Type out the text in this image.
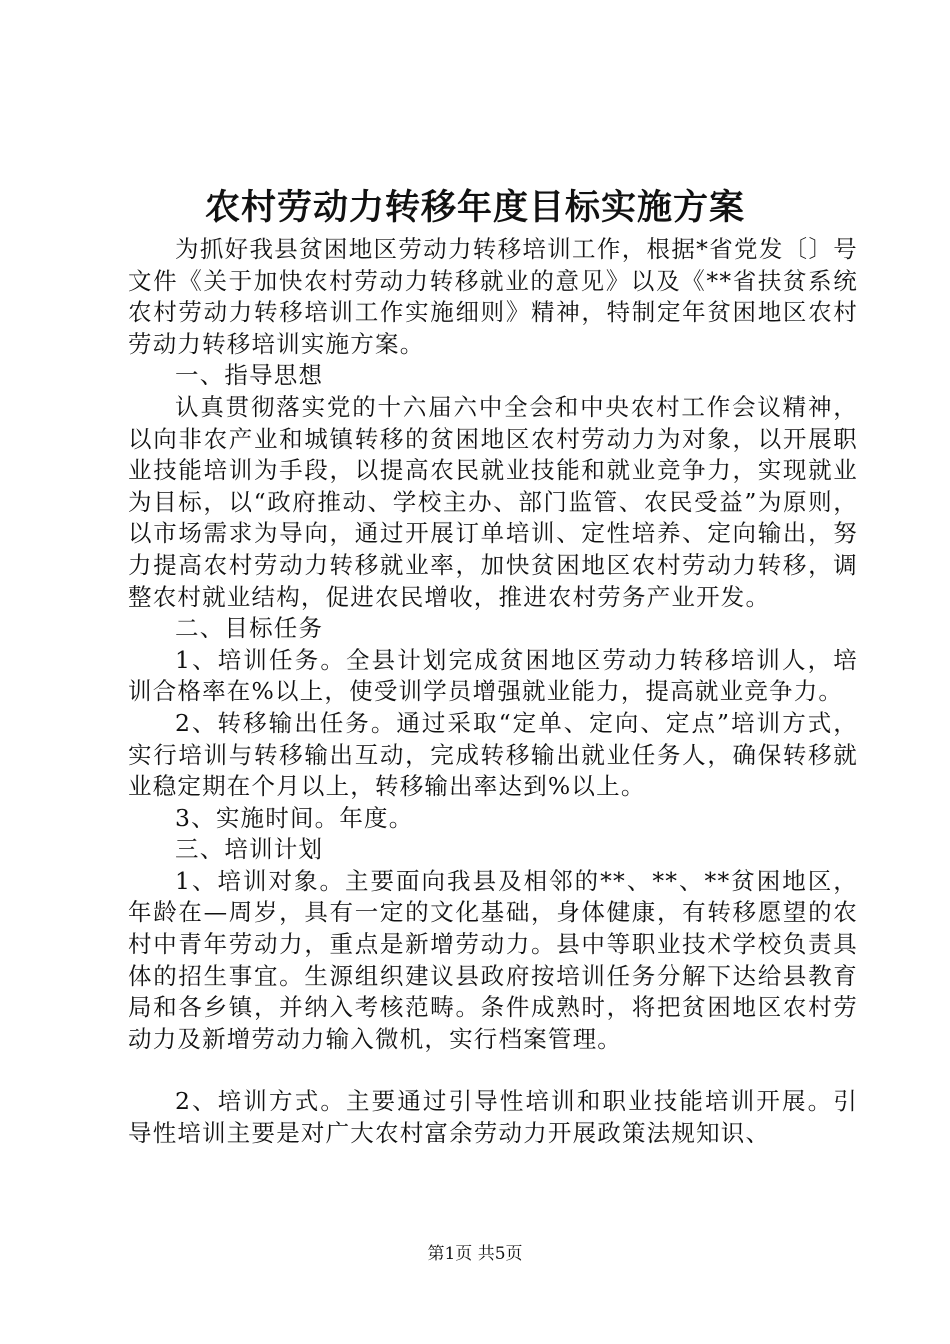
农村劳动力转移年度目标实施方案

为抓好我县贫困地区劳动力转移培训工作，根据*省党发〔〕号文件《关于加快农村劳动力转移就业的意见》以及《**省扶贫系统农村劳动力转移培训工作实施细则》精神，特制定年贫困地区农村劳动力转移培训实施方案。

一、指导思想

认真贯彻落实党的十六届六中全会和中央农村工作会议精神，以向非农产业和城镇转移的贫困地区农村劳动力为对象，以开展职业技能培训为手段，以提高农民就业技能和就业竞争力，实现就业为目标，以“政府推动、学校主办、部门监管、农民受益”为原则，以市场需求为导向，通过开展订单培训、定性培养、定向输出，努力提高农村劳动力转移就业率，加快贫困地区农村劳动力转移，调整农村就业结构，促进农民增收，推进农村劳务产业开发。

二、目标任务

1、培训任务。全县计划完成贫困地区劳动力转移培训人，培训合格率在%以上，使受训学员增强就业能力，提高就业竞争力。

2、转移输出任务。通过采取“定单、定向、定点”培训方式，实行培训与转移输出互动，完成转移输出就业任务人，确保转移就业稳定期在个月以上，转移输出率达到%以上。

3、实施时间。年度。

三、培训计划

1、培训对象。主要面向我县及相邻的**、**、**贫困地区，年龄在—周岁，具有一定的文化基础，身体健康，有转移愿望的农村中青年劳动力，重点是新增劳动力。县中等职业技术学校负责具体的招生事宜。生源组织建议县政府按培训任务分解下达给县教育局和各乡镇，并纳入考核范畴。条件成熟时，将把贫困地区农村劳动力及新增劳动力输入微机，实行档案管理。

2、培训方式。主要通过引导性培训和职业技能培训开展。引导性培训主要是对广大农村富余劳动力开展政策法规知识、

第1页 共5页
